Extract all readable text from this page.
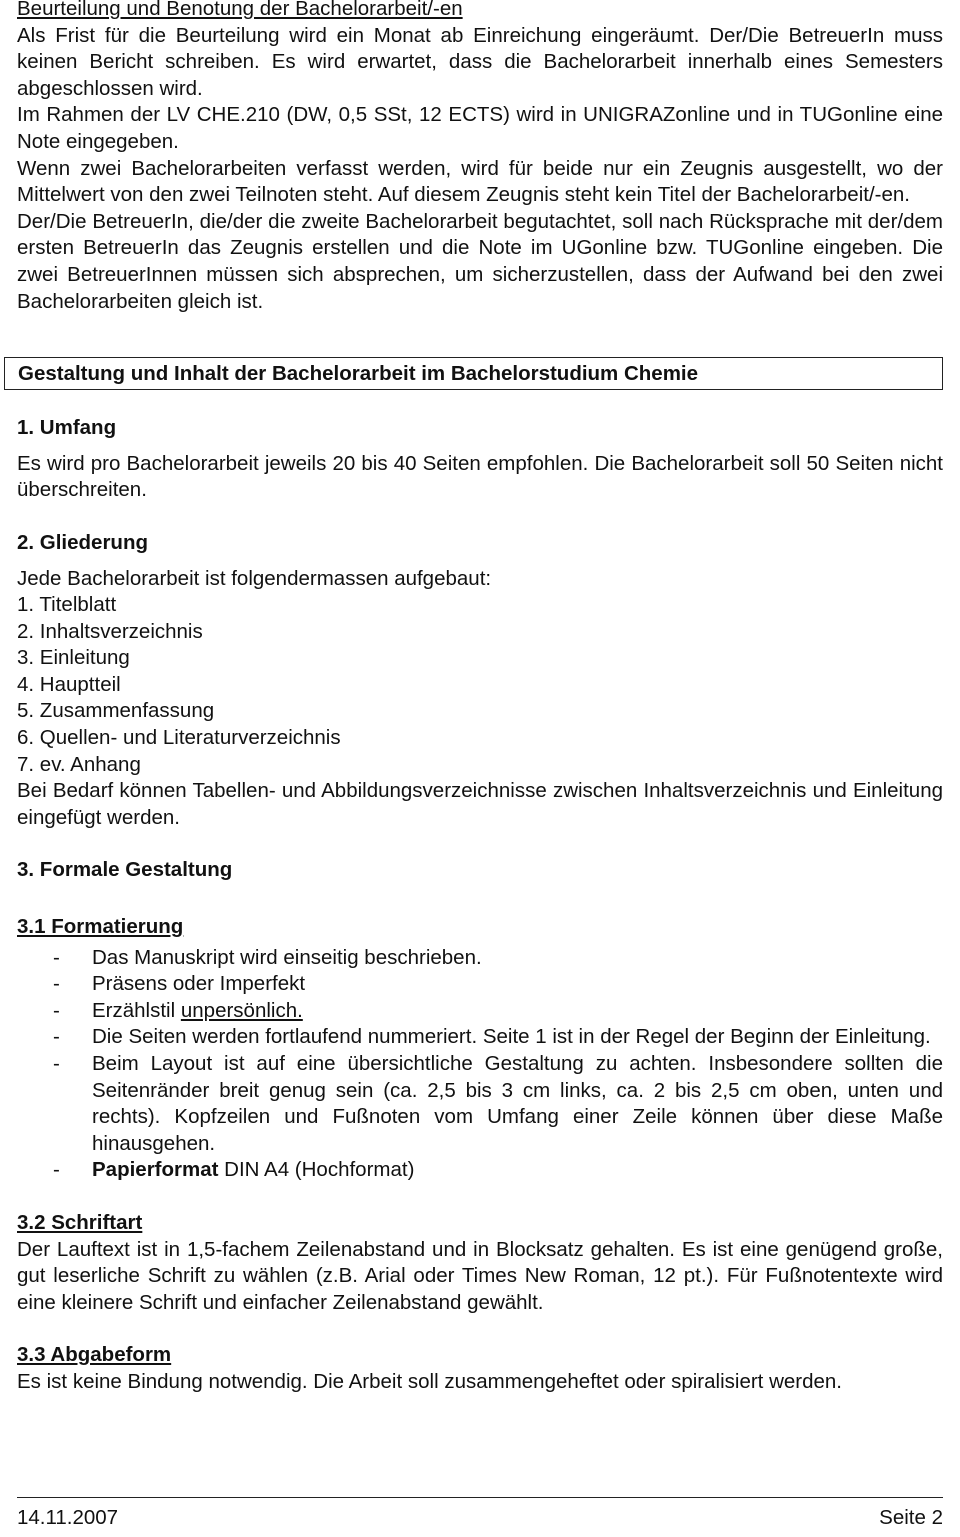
Beurteilung und Benotung der Bachelorarbeit/-en

Als Frist für die Beurteilung wird ein Monat ab Einreichung eingeräumt. Der/Die BetreuerIn muss keinen Bericht schreiben. Es wird erwartet, dass die Bachelorarbeit innerhalb eines Semesters abgeschlossen wird.

Im Rahmen der LV CHE.210 (DW, 0,5 SSt, 12 ECTS) wird in UNIGRAZonline und in TUGonline eine Note eingegeben.

Wenn zwei Bachelorarbeiten verfasst werden, wird für beide nur ein Zeugnis ausgestellt, wo der Mittelwert von den zwei Teilnoten steht. Auf diesem Zeugnis steht kein Titel der Bachelorarbeit/-en.

Der/Die BetreuerIn, die/der die zweite Bachelorarbeit begutachtet, soll nach Rücksprache mit der/dem ersten BetreuerIn das Zeugnis erstellen und die Note im UGonline bzw. TUGonline eingeben. Die zwei BetreuerInnen müssen sich absprechen, um sicherzustellen, dass der Aufwand bei den zwei Bachelorarbeiten gleich ist.

Gestaltung und Inhalt der Bachelorarbeit im Bachelorstudium Chemie
1. Umfang

Es wird pro Bachelorarbeit jeweils 20 bis 40 Seiten empfohlen. Die Bachelorarbeit soll 50 Seiten nicht überschreiten.

2. Gliederung

Jede Bachelorarbeit ist folgendermassen aufgebaut:

1. Titelblatt
2. Inhaltsverzeichnis
3. Einleitung
4. Hauptteil
5. Zusammenfassung
6. Quellen- und Literaturverzeichnis
7. ev. Anhang

Bei Bedarf können Tabellen- und Abbildungsverzeichnisse zwischen Inhaltsverzeichnis und Einleitung eingefügt werden.

3. Formale Gestaltung
3.1 Formatierung
- Das Manuskript wird einseitig beschrieben.
- Präsens oder Imperfekt
- Erzählstil unpersönlich.
- Die Seiten werden fortlaufend nummeriert. Seite 1 ist in der Regel der Beginn der Einleitung.
- Beim Layout ist auf eine übersichtliche Gestaltung zu achten. Insbesondere sollten die Seitenränder breit genug sein (ca. 2,5 bis 3 cm links, ca. 2 bis 2,5 cm oben, unten und rechts). Kopfzeilen und Fußnoten vom Umfang einer Zeile können über diese Maße hinausgehen.
- Papierformat DIN A4 (Hochformat)
3.2 Schriftart

Der Lauftext ist in 1,5-fachem Zeilenabstand und in Blocksatz gehalten. Es ist eine genügend große, gut leserliche Schrift zu wählen (z.B. Arial oder Times New Roman, 12 pt.). Für Fußnotentexte wird eine kleinere Schrift und einfacher Zeilenabstand gewählt.

3.3 Abgabeform

Es ist keine Bindung notwendig. Die Arbeit soll zusammengeheftet oder spiralisiert werden.

14.11.2007	Seite 2
